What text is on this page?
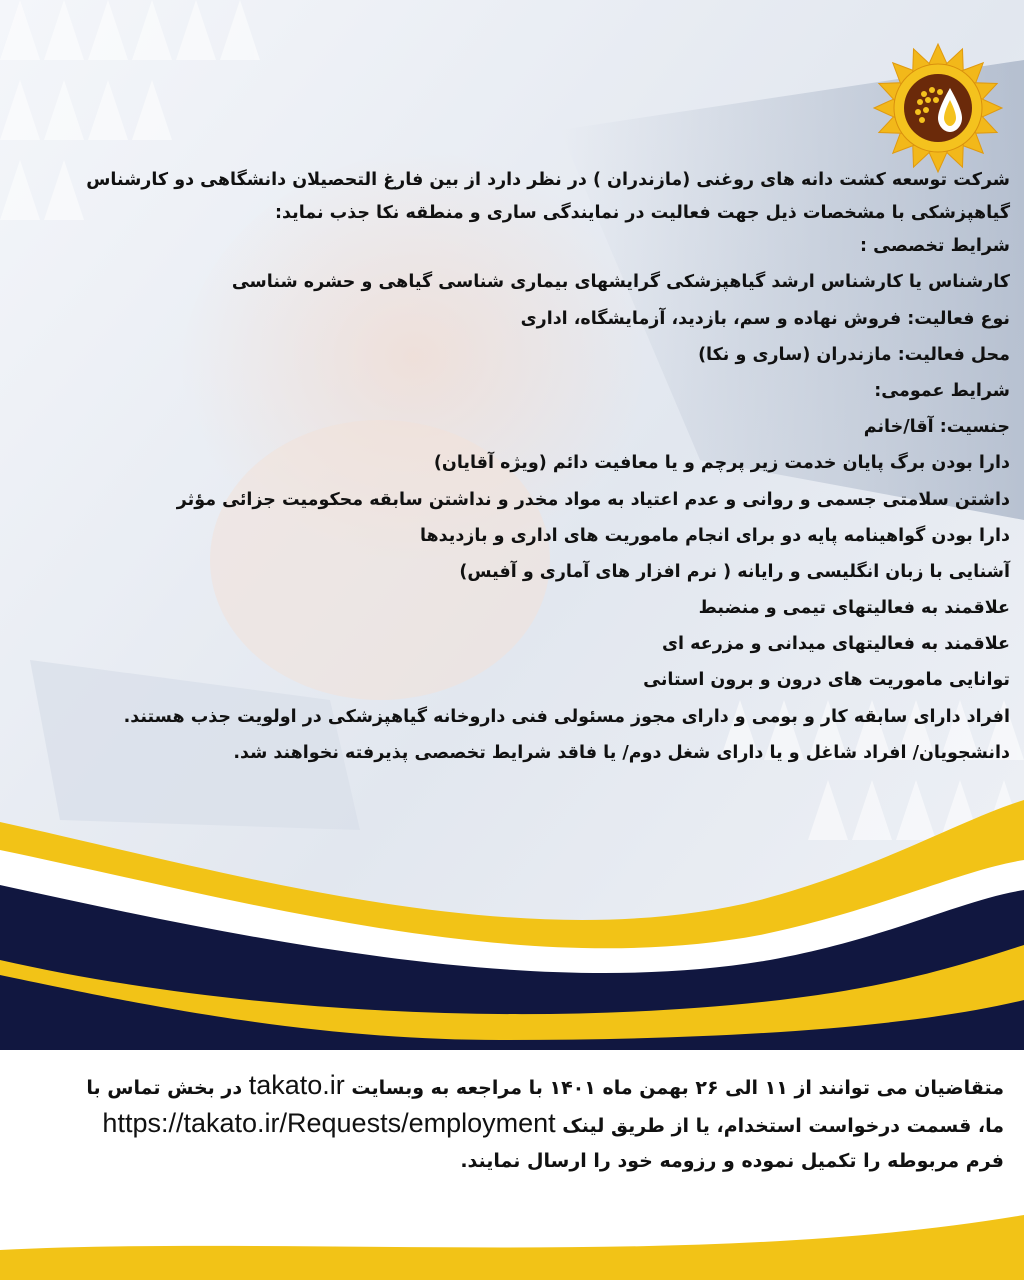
شرکت توسعه کشت دانه های روغنی (مازندران ) در نظر دارد از بین فارغ التحصیلان دانشگاهی دو کارشناس
گیاهپزشکی با مشخصات ذیل جهت فعالیت در نمایندگی ساری و منطقه نکا جذب نماید:
شرایط تخصصی :
کارشناس یا کارشناس ارشد گیاهپزشکی گرایشهای بیماری شناسی گیاهی و حشره شناسی
نوع فعالیت: فروش نهاده و سم، بازدید، آزمایشگاه، اداری
محل فعالیت: مازندران (ساری و نکا)
شرایط عمومی:
جنسیت: آقا/خانم
دارا بودن برگ پایان خدمت زیر پرچم و یا معافیت دائم (ویژه آقایان)
داشتن سلامتی جسمی و روانی و عدم اعتیاد به مواد مخدر و نداشتن سابقه محکومیت جزائی مؤثر
دارا بودن گواهینامه پایه دو برای انجام ماموریت های اداری و بازدیدها
آشنایی با زبان انگلیسی و رایانه ( نرم افزار های آماری و آفیس)
علاقمند به فعالیتهای تیمی و منضبط
علاقمند به فعالیتهای میدانی و مزرعه ای
توانایی ماموریت های درون و برون استانی
افراد دارای سابقه کار و بومی و دارای مجوز مسئولی فنی داروخانه گیاهپزشکی در اولویت جذب هستند.
دانشجویان/ افراد شاغل و یا دارای شغل دوم/ یا فاقد شرایط تخصصی پذیرفته نخواهند شد.
متقاضیان می توانند از ۱۱ الی ۲۶ بهمن ماه ۱۴۰۱ با مراجعه به وبسایت takato.ir در بخش تماس با
ما، قسمت درخواست استخدام، یا از طریق لینک https://takato.ir/Requests/employment
فرم مربوطه را تکمیل نموده و رزومه خود را ارسال نمایند.
